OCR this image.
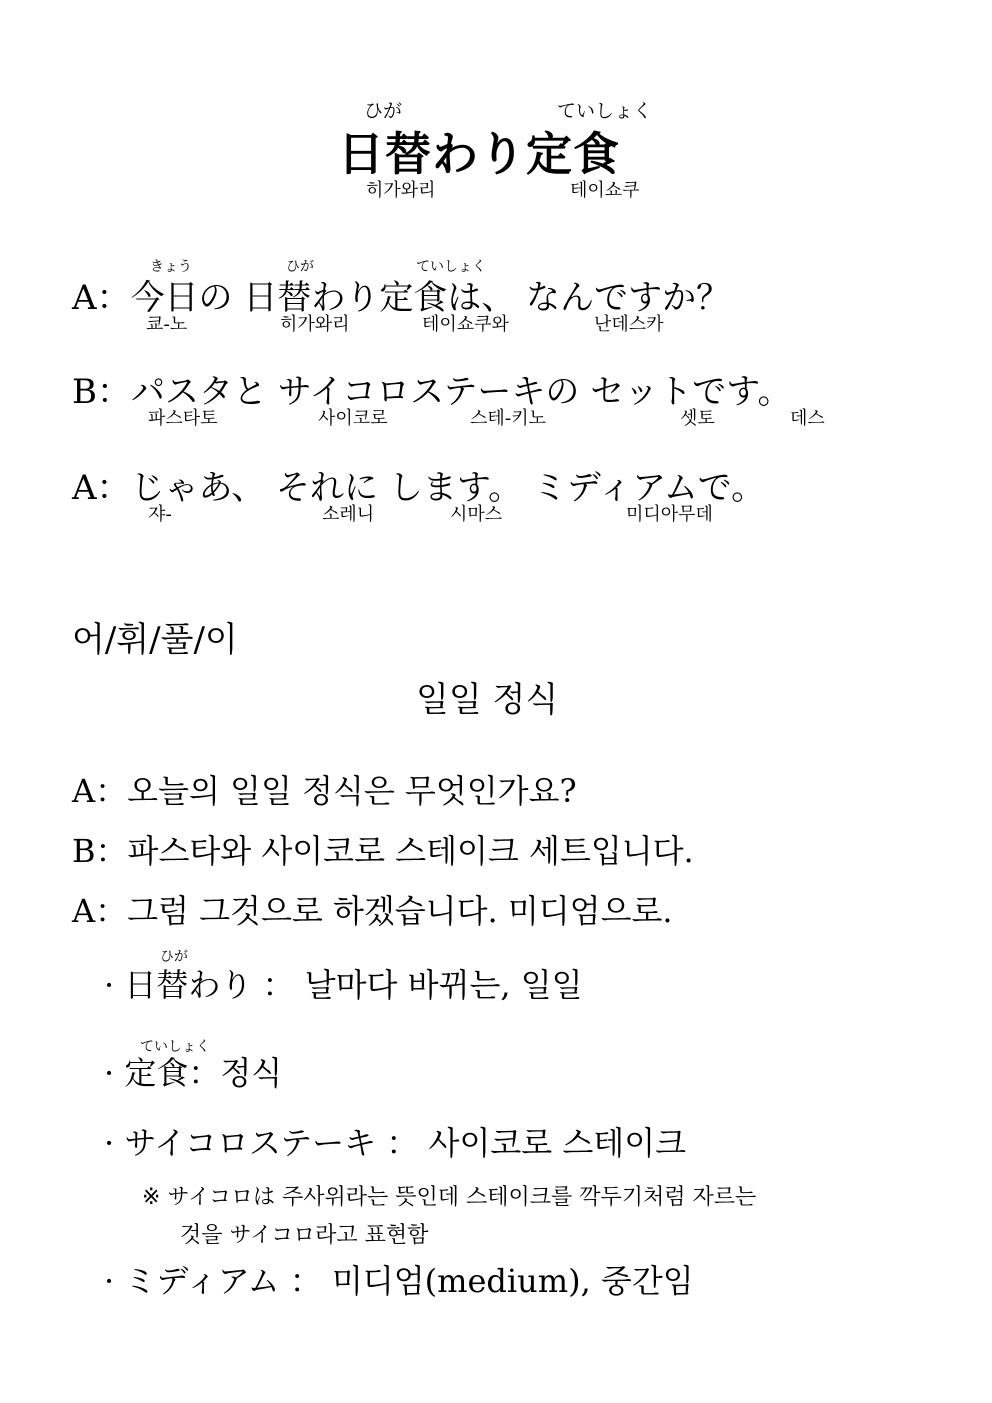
ひが	ていしょく
日替わり定食
히가와리	테이쇼쿠
きょう	ひが	ていしょく
A：今日の 日替わり定食は、 なんですか？
쿄-노	히가와리	테이쇼쿠와	난데스카
B：パスタと サイコロステーキの セットです。
파스타토	사이코로	스테-키노	셋토	데스
A：じゃあ、 それに します。 ミディアムで。
쟈-	소레니	시마스	미디아무데
어/휘/풀/이
일일 정식
A：오늘의 일일 정식은 무엇인가요?
B：파스타와 사이코로 스테이크 세트입니다.
A：그럼 그것으로 하겠습니다. 미디엄으로.
ひが
· 日替わり ： 날마다 바뀌는, 일일
ていしょく
· 定食：정식
· サイコロステーキ ： 사이코로 스테이크
※ サイコロは 주사위라는 뜻인데 스테이크를 깍두기처럼 자르는
것을 サイコロ라고 표현함
· ミディアム ： 미디엄(medium), 중간임
